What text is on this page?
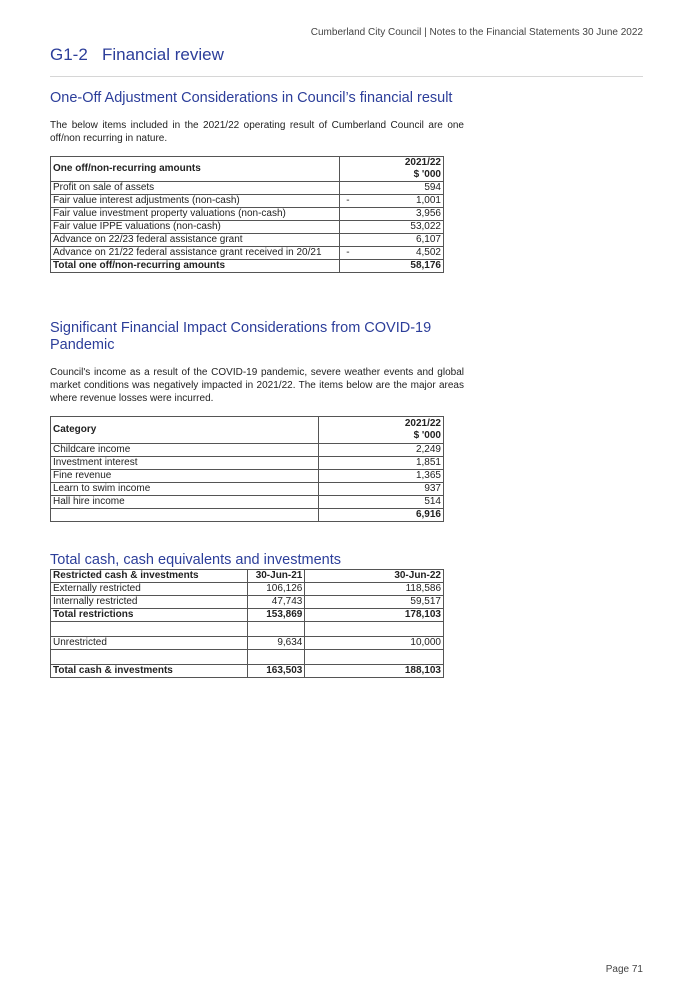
Cumberland City Council | Notes to the Financial Statements 30 June 2022
G1-2 Financial review
One-Off Adjustment Considerations in Council’s financial result

The below items included in the 2021/22 operating result of Cumberland Council are one off/non recurring in nature.

One off/non-recurring amounts	2021/22
$ '000

Profit on sale of assets	594
Fair value interest adjustments (non-cash)	- 1,001
Fair value investment property valuations (non-cash)	3,956
Fair value IPPE valuations (non-cash)	53,022
Advance on 22/23 federal assistance grant	6,107
Advance on 21/22 federal assistance grant received in 20/21	- 4,502
Total one off/non-recurring amounts	58,176
Significant Financial Impact Considerations from COVID-19 Pandemic

Council's income as a result of the COVID-19 pandemic, severe weather events and global market conditions was negatively impacted in 2021/22. The items below are the major areas where revenue losses were incurred.

Category	2021/22
$ '000

Childcare income	2,249
Investment interest	1,851
Fine revenue	1,365
Learn to swim income	937
Hall hire income	514
	6,916
Total cash, cash equivalents and investments
Restricted cash & investments	30-Jun-21	30-Jun-22
Externally restricted	106,126	118,586
Internally restricted	47,743	59,517
Total restrictions	153,869	178,103

Unrestricted	9,634	10,000

Total cash & investments	163,503	188,103
Page 71
